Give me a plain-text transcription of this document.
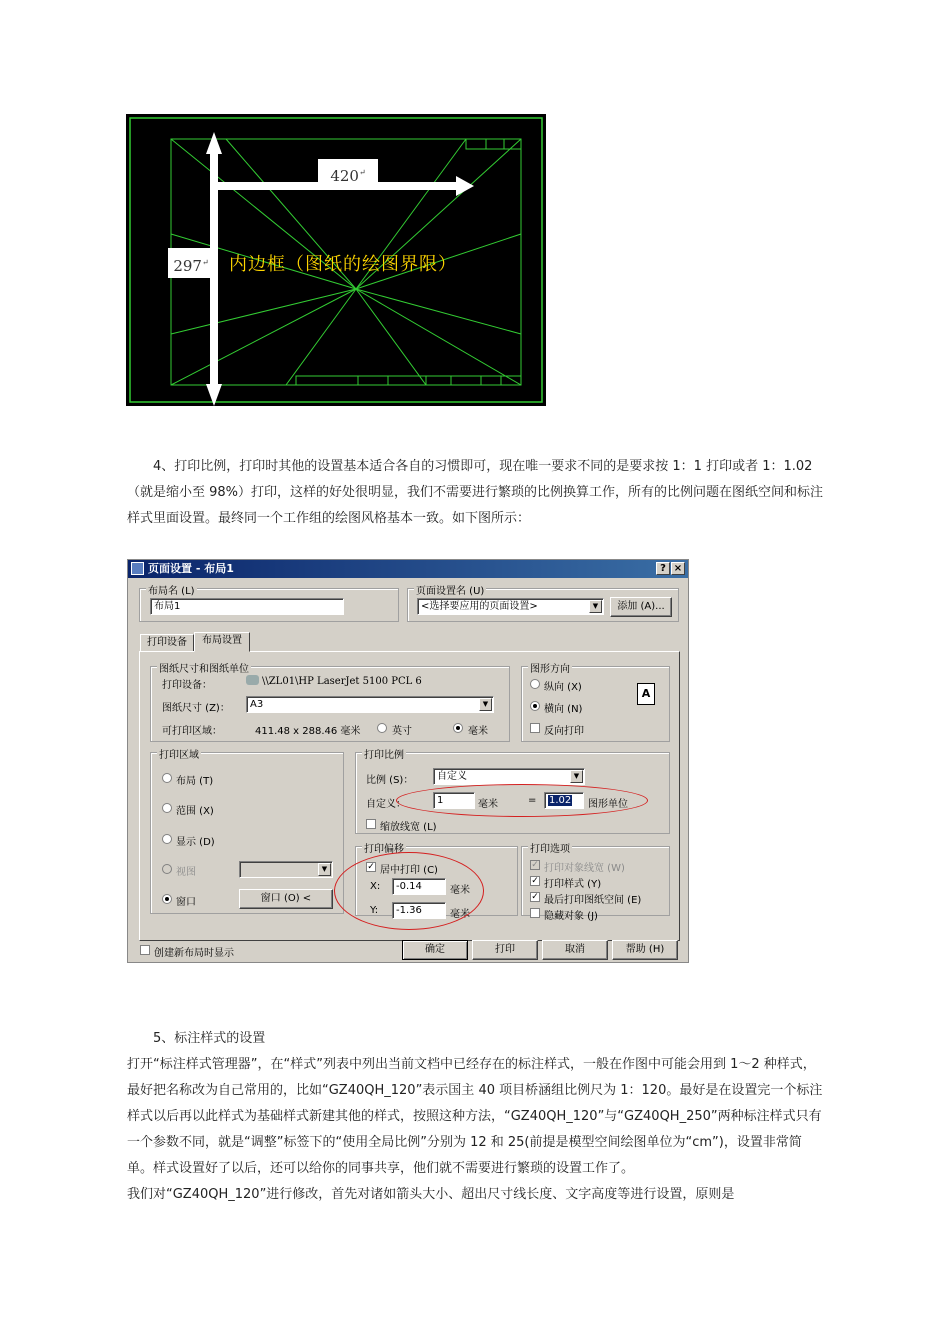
420↵
297↵ 内边框（图纸的绘图界限）
4、打印比例，打印时其他的设置基本适合各自的习惯即可，现在唯一要求不同的是要求按 1：1 打印或者 1：1.02（就是缩小至 98%）打印，这样的好处很明显，我们不需要进行繁琐的比例换算工作，所有的比例问题在图纸空间和标注样式里面设置。最终同一个工作组的绘图风格基本一致。如下图所示：
页面设置 - 布局1	? ×
布局名 (L)
布局1
页面设置名 (U)
<选择要应用的页面设置>	▼	添加 (A)...
打印设备	布局设置
图纸尺寸和图纸单位
打印设备：	\\ZL01\HP LaserJet 5100 PCL 6
图纸尺寸 (Z)：	A3	▼
可打印区域：	411.48 x 288.46 毫米	英寸	毫米
图形方向
纵向 (X)
横向 (N)
反向打印
A
打印区域
布局 (T)
范围 (X)
显示 (D)
视图	▼
窗口	窗口 (O) <
打印比例
比例 (S)：	自定义	▼
自定义：	1	毫米	=	1.02	图形单位
缩放线宽 (L)
打印偏移
✓ 居中打印 (C)
X:	-0.14	毫米
Y:	-1.36	毫米
打印选项
✓ 打印对象线宽 (W)
✓ 打印样式 (Y)
✓ 最后打印图纸空间 (E)
隐藏对象 (J)
创建新布局时显示	确定	打印	取消	帮助 (H)
5、标注样式的设置
打开“标注样式管理器”，在“样式”列表中列出当前文档中已经存在的标注样式，一般在作图中可能会用到 1～2 种样式，最好把名称改为自己常用的，比如“GZ40QH_120”表示国主 40 项目桥涵组比例尺为 1：120。最好是在设置完一个标注样式以后再以此样式为基础样式新建其他的样式，按照这种方法，“GZ40QH_120”与“GZ40QH_250”两种标注样式只有一个参数不同，就是“调整”标签下的“使用全局比例”分别为 12 和 25(前提是模型空间绘图单位为“cm”)，设置非常简单。样式设置好了以后，还可以给你的同事共享，他们就不需要进行繁琐的设置工作了。
我们对“GZ40QH_120”进行修改，首先对诸如箭头大小、超出尺寸线长度、文字高度等进行设置，原则是
